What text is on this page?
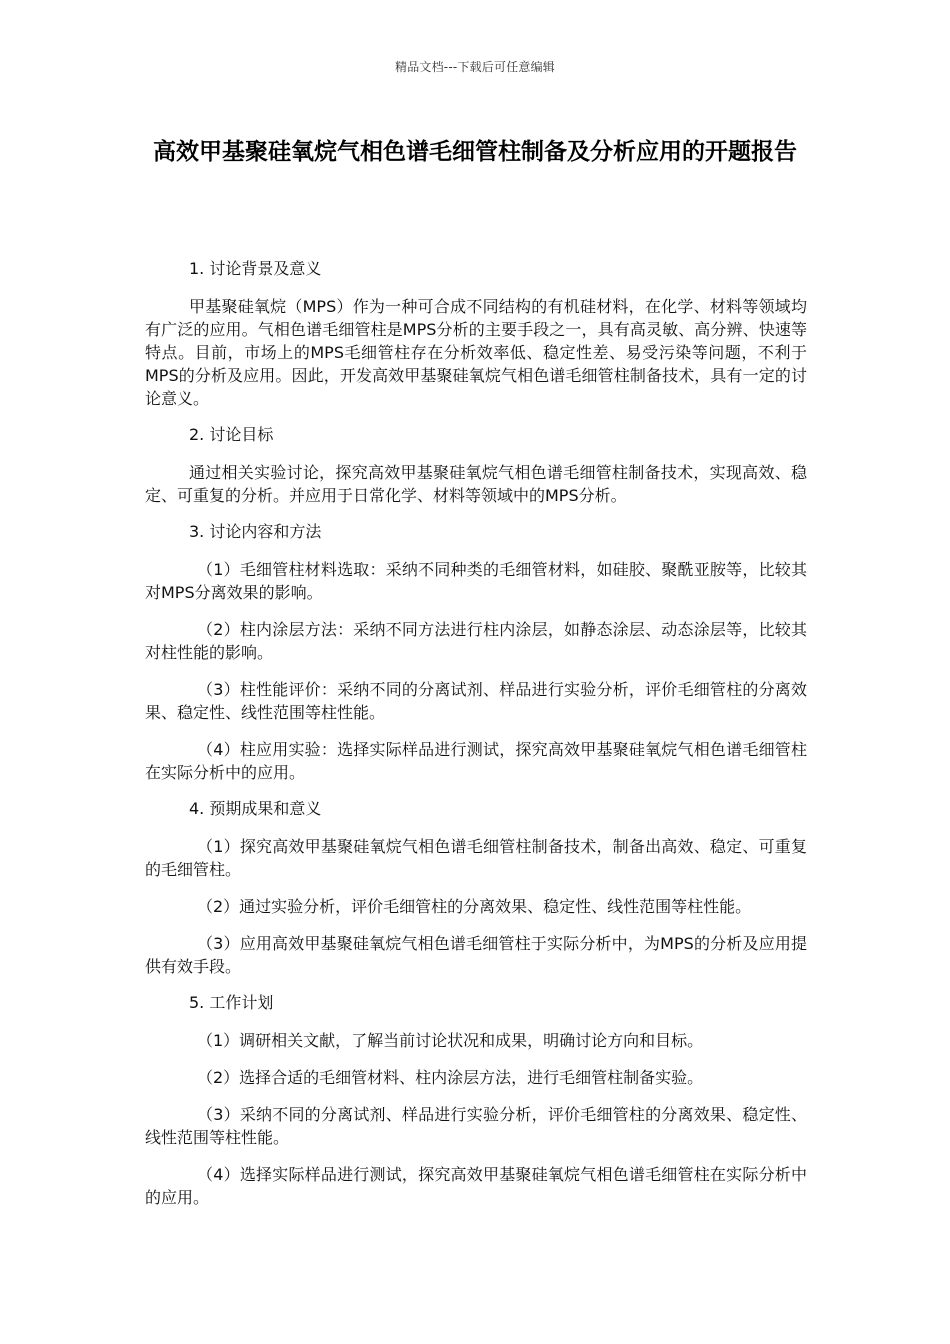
精品文档---下载后可任意编辑
高效甲基聚硅氧烷气相色谱毛细管柱制备及分析应用的开题报告
1. 讨论背景及意义
甲基聚硅氧烷（MPS）作为一种可合成不同结构的有机硅材料，在化学、材料等领域均有广泛的应用。气相色谱毛细管柱是MPS分析的主要手段之一，具有高灵敏、高分辨、快速等特点。目前，市场上的MPS毛细管柱存在分析效率低、稳定性差、易受污染等问题，不利于MPS的分析及应用。因此，开发高效甲基聚硅氧烷气相色谱毛细管柱制备技术，具有一定的讨论意义。
2. 讨论目标
通过相关实验讨论，探究高效甲基聚硅氧烷气相色谱毛细管柱制备技术，实现高效、稳定、可重复的分析。并应用于日常化学、材料等领域中的MPS分析。
3. 讨论内容和方法
（1）毛细管柱材料选取：采纳不同种类的毛细管材料，如硅胶、聚酰亚胺等，比较其对MPS分离效果的影响。
（2）柱内涂层方法：采纳不同方法进行柱内涂层，如静态涂层、动态涂层等，比较其对柱性能的影响。
（3）柱性能评价：采纳不同的分离试剂、样品进行实验分析，评价毛细管柱的分离效果、稳定性、线性范围等柱性能。
（4）柱应用实验：选择实际样品进行测试，探究高效甲基聚硅氧烷气相色谱毛细管柱在实际分析中的应用。
4. 预期成果和意义
（1）探究高效甲基聚硅氧烷气相色谱毛细管柱制备技术，制备出高效、稳定、可重复的毛细管柱。
（2）通过实验分析，评价毛细管柱的分离效果、稳定性、线性范围等柱性能。
（3）应用高效甲基聚硅氧烷气相色谱毛细管柱于实际分析中，为MPS的分析及应用提供有效手段。
5. 工作计划
（1）调研相关文献，了解当前讨论状况和成果，明确讨论方向和目标。
（2）选择合适的毛细管材料、柱内涂层方法，进行毛细管柱制备实验。
（3）采纳不同的分离试剂、样品进行实验分析，评价毛细管柱的分离效果、稳定性、线性范围等柱性能。
（4）选择实际样品进行测试，探究高效甲基聚硅氧烷气相色谱毛细管柱在实际分析中的应用。
